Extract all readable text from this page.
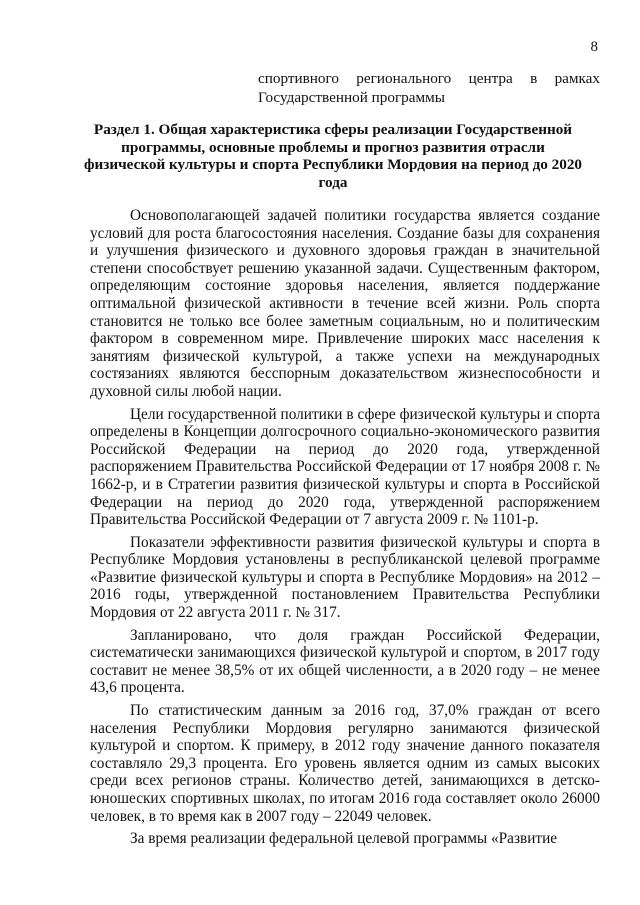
8

спортивного регионального центра в рамках

Государственной программы

Раздел 1. Общая характеристика сферы реализации Государственной программы, основные проблемы и прогноз развития отрасли физической культуры и спорта Республики Мордовия на период до 2020 года

Основополагающей задачей политики государства является создание условий для роста благосостояния населения. Создание базы для сохранения и улучшения физического и духовного здоровья граждан в значительной степени способствует решению указанной задачи. Существенным фактором, определяющим состояние здоровья населения, является поддержание оптимальной физической активности в течение всей жизни. Роль спорта становится не только все более заметным социальным, но и политическим фактором в современном мире. Привлечение широких масс населения к занятиям физической культурой, а также успехи на международных состязаниях являются бесспорным доказательством жизнеспособности и духовной силы любой нации.

Цели государственной политики в сфере физической культуры и спорта определены в Концепции долгосрочного социально-экономического развития Российской Федерации на период до 2020 года, утвержденной распоряжением Правительства Российской Федерации от 17 ноября 2008 г. № 1662-р, и в Стратегии развития физической культуры и спорта в Российской Федерации на период до 2020 года, утвержденной распоряжением Правительства Российской Федерации от 7 августа 2009 г. № 1101-р.

Показатели эффективности развития физической культуры и спорта в Республике Мордовия установлены в республиканской целевой программе «Развитие физической культуры и спорта в Республике Мордовия» на 2012 – 2016 годы, утвержденной постановлением Правительства Республики Мордовия от 22 августа 2011 г. № 317.

Запланировано, что доля граждан Российской Федерации, систематически занимающихся физической культурой и спортом, в 2017 году составит не менее 38,5% от их общей численности, а в 2020 году – не менее 43,6 процента.

По статистическим данным за 2016 год, 37,0% граждан от всего населения Республики Мордовия регулярно занимаются физической культурой и спортом. К примеру, в 2012 году значение данного показателя составляло 29,3 процента. Его уровень является одним из самых высоких среди всех регионов страны. Количество детей, занимающихся в детско-юношеских спортивных школах, по итогам 2016 года составляет около 26000 человек, в то время как в 2007 году – 22049 человек.

За время реализации федеральной целевой программы «Развитие
